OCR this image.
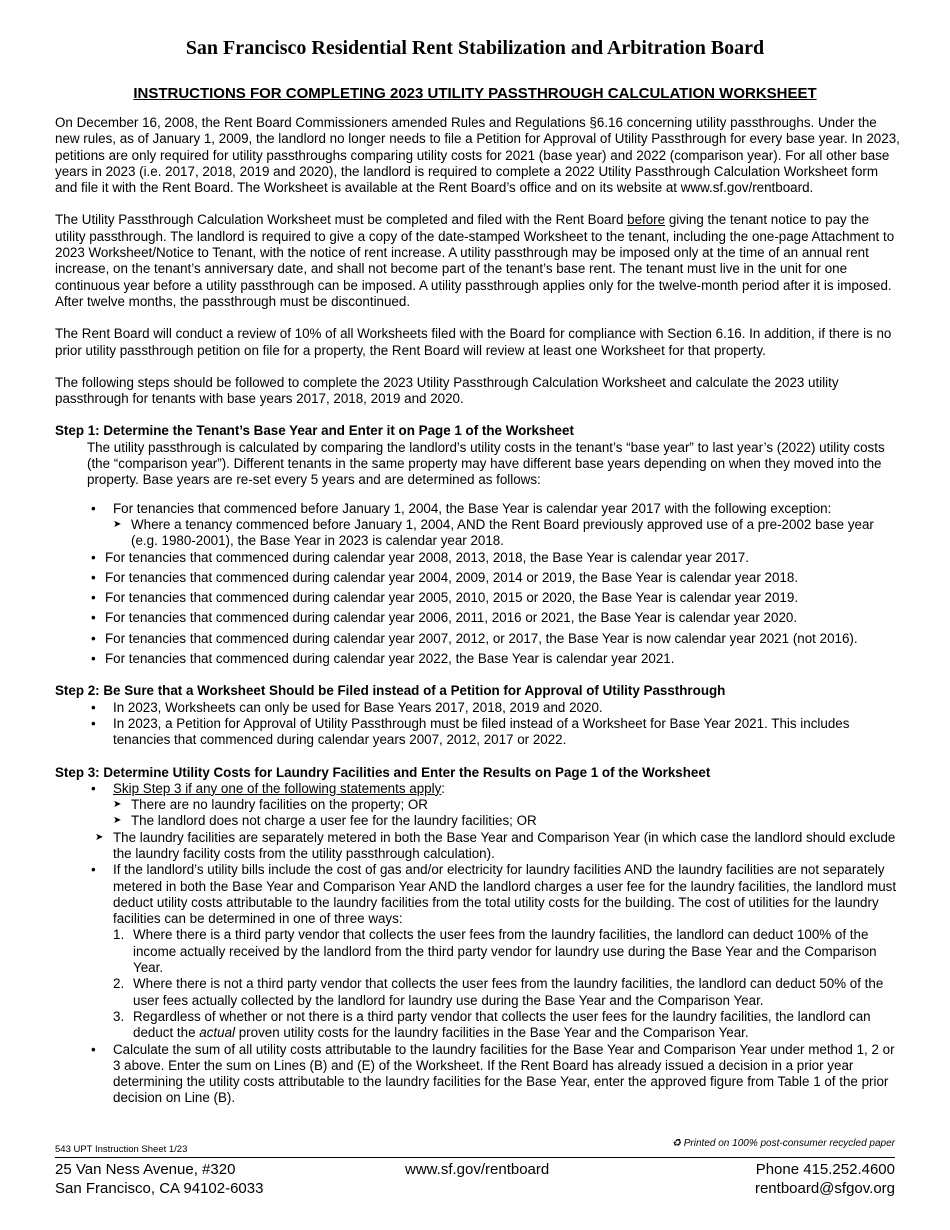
San Francisco Residential Rent Stabilization and Arbitration Board
INSTRUCTIONS FOR COMPLETING 2023 UTILITY PASSTHROUGH CALCULATION WORKSHEET

On December 16, 2008, the Rent Board Commissioners amended Rules and Regulations §6.16 concerning utility passthroughs. Under the new rules, as of January 1, 2009, the landlord no longer needs to file a Petition for Approval of Utility Passthrough for every base year. In 2023, petitions are only required for utility passthroughs comparing utility costs for 2021 (base year) and 2022 (comparison year). For all other base years in 2023 (i.e. 2017, 2018, 2019 and 2020), the landlord is required to complete a 2022 Utility Passthrough Calculation Worksheet form and file it with the Rent Board. The Worksheet is available at the Rent Board’s office and on its website at www.sf.gov/rentboard.

The Utility Passthrough Calculation Worksheet must be completed and filed with the Rent Board before giving the tenant notice to pay the utility passthrough. The landlord is required to give a copy of the date-stamped Worksheet to the tenant, including the one-page Attachment to 2023 Worksheet/Notice to Tenant, with the notice of rent increase. A utility passthrough may be imposed only at the time of an annual rent increase, on the tenant’s anniversary date, and shall not become part of the tenant’s base rent. The tenant must live in the unit for one continuous year before a utility passthrough can be imposed. A utility passthrough applies only for the twelve-month period after it is imposed. After twelve months, the passthrough must be discontinued.

The Rent Board will conduct a review of 10% of all Worksheets filed with the Board for compliance with Section 6.16. In addition, if there is no prior utility passthrough petition on file for a property, the Rent Board will review at least one Worksheet for that property.

The following steps should be followed to complete the 2023 Utility Passthrough Calculation Worksheet and calculate the 2023 utility passthrough for tenants with base years 2017, 2018, 2019 and 2020.

Step 1: Determine the Tenant’s Base Year and Enter it on Page 1 of the Worksheet

The utility passthrough is calculated by comparing the landlord’s utility costs in the tenant’s “base year” to last year’s (2022) utility costs (the “comparison year”). Different tenants in the same property may have different base years depending on when they moved into the property. Base years are re-set every 5 years and are determined as follows:

• For tenancies that commenced before January 1, 2004, the Base Year is calendar year 2017 with the following exception:
➤ Where a tenancy commenced before January 1, 2004, AND the Rent Board previously approved use of a pre-2002 base year (e.g. 1980-2001), the Base Year in 2023 is calendar year 2018.
• For tenancies that commenced during calendar year 2008, 2013, 2018, the Base Year is calendar year 2017.
• For tenancies that commenced during calendar year 2004, 2009, 2014 or 2019, the Base Year is calendar year 2018.
• For tenancies that commenced during calendar year 2005, 2010, 2015 or 2020, the Base Year is calendar year 2019.
• For tenancies that commenced during calendar year 2006, 2011, 2016 or 2021, the Base Year is calendar year 2020.
• For tenancies that commenced during calendar year 2007, 2012, or 2017, the Base Year is now calendar year 2021 (not 2016).
• For tenancies that commenced during calendar year 2022, the Base Year is calendar year 2021.
Step 2: Be Sure that a Worksheet Should be Filed instead of a Petition for Approval of Utility Passthrough
• In 2023, Worksheets can only be used for Base Years 2017, 2018, 2019 and 2020.
• In 2023, a Petition for Approval of Utility Passthrough must be filed instead of a Worksheet for Base Year 2021. This includes tenancies that commenced during calendar years 2007, 2012, 2017 or 2022.
Step 3: Determine Utility Costs for Laundry Facilities and Enter the Results on Page 1 of the Worksheet
• Skip Step 3 if any one of the following statements apply:
➤ There are no laundry facilities on the property; OR
➤ The landlord does not charge a user fee for the laundry facilities; OR
➤ The laundry facilities are separately metered in both the Base Year and Comparison Year (in which case the landlord should exclude the laundry facility costs from the utility passthrough calculation).
• If the landlord’s utility bills include the cost of gas and/or electricity for laundry facilities AND the laundry facilities are not separately metered in both the Base Year and Comparison Year AND the landlord charges a user fee for the laundry facilities, the landlord must deduct utility costs attributable to the laundry facilities from the total utility costs for the building. The cost of utilities for the laundry facilities can be determined in one of three ways:
1. Where there is a third party vendor that collects the user fees from the laundry facilities, the landlord can deduct 100% of the income actually received by the landlord from the third party vendor for laundry use during the Base Year and the Comparison Year.
2. Where there is not a third party vendor that collects the user fees from the laundry facilities, the landlord can deduct 50% of the user fees actually collected by the landlord for laundry use during the Base Year and the Comparison Year.
3. Regardless of whether or not there is a third party vendor that collects the user fees for the laundry facilities, the landlord can deduct the actual proven utility costs for the laundry facilities in the Base Year and the Comparison Year.
• Calculate the sum of all utility costs attributable to the laundry facilities for the Base Year and Comparison Year under method 1, 2 or 3 above. Enter the sum on Lines (B) and (E) of the Worksheet. If the Rent Board has already issued a decision in a prior year determining the utility costs attributable to the laundry facilities for the Base Year, enter the approved figure from Table 1 of the prior decision on Line (B).
543 UPT Instruction Sheet 1/23
♻ Printed on 100% post-consumer recycled paper
25 Van Ness Avenue, #320
San Francisco, CA 94102-6033
www.sf.gov/rentboard	Phone 415.252.4600
rentboard@sfgov.org
